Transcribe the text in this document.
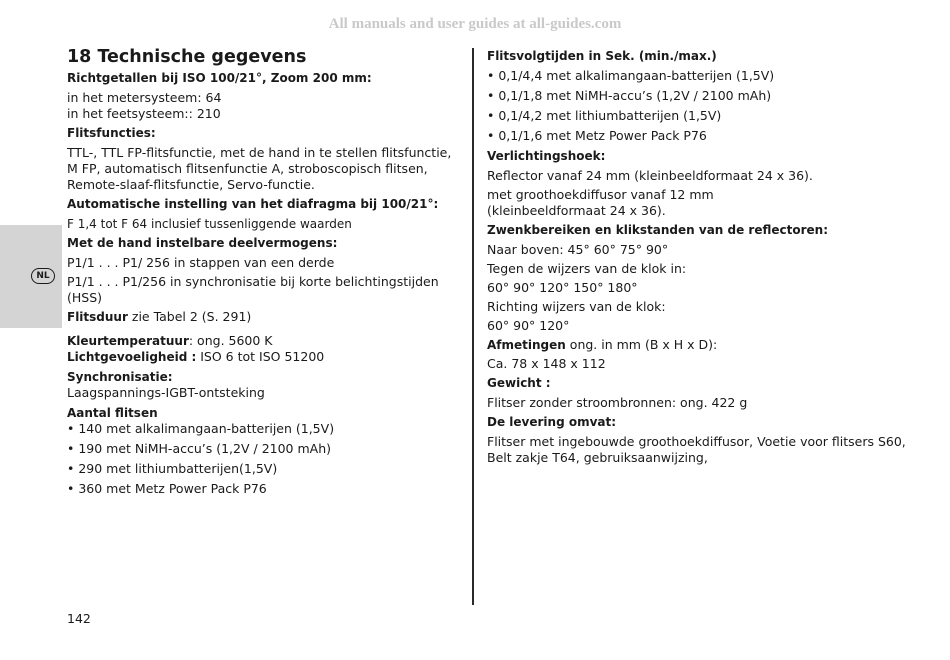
All manuals and user guides at all-guides.com
NL
18 Technische gegevens
Richtgetallen bij ISO 100/21°, Zoom 200 mm:
in het metersysteem: 64
in het feetsysteem:: 210
Flitsfuncties:
TTL-, TTL FP-flitsfunctie, met de hand in te stellen flitsfunctie, M FP, automatisch flitsenfunctie A, stroboscopisch flitsen, Remote-slaaf-flitsfunctie, Servo-functie.
Automatische instelling van het diafragma bij 100/21°:
F 1,4 tot F 64 inclusief tussenliggende waarden
Met de hand instelbare deelvermogens:
P1/1 . . . P1/ 256 in stappen van een derde
P1/1 . . . P1/256 in synchronisatie bij korte belichtingstijden (HSS)
Flitsduur zie Tabel 2 (S. 291)
Kleurtemperatuur: ong. 5600 K
Lichtgevoeligheid : ISO 6 tot ISO 51200
Synchronisatie:
Laagspannings-IGBT-ontsteking
Aantal flitsen
• 140 met alkalimangaan-batterijen (1,5V)
• 190 met NiMH-accu’s (1,2V / 2100 mAh)
• 290 met lithiumbatterijen(1,5V)
• 360 met Metz Power Pack P76
Flitsvolgtijden in Sek. (min./max.)
• 0,1/4,4 met alkalimangaan-batterijen (1,5V)
• 0,1/1,8 met NiMH-accu’s (1,2V / 2100 mAh)
• 0,1/4,2 met lithiumbatterijen (1,5V)
• 0,1/1,6 met Metz Power Pack P76
Verlichtingshoek:
Reflector vanaf 24 mm (kleinbeeldformaat 24 x 36).
met groothoekdiffusor vanaf 12 mm
(kleinbeeldformaat 24 x 36).
Zwenkbereiken en klikstanden van de reflectoren:
Naar boven: 45° 60° 75° 90°
Tegen de wijzers van de klok in:
60° 90° 120° 150° 180°
Richting wijzers van de klok:
60° 90° 120°
Afmetingen ong. in mm (B x H x D):
Ca. 78 x 148 x 112
Gewicht :
Flitser zonder stroombronnen: ong. 422 g
De levering omvat:
Flitser met ingebouwde groothoekdiffusor, Voetie voor flitsers S60,
Belt zakje T64, gebruiksaanwijzing,
142
